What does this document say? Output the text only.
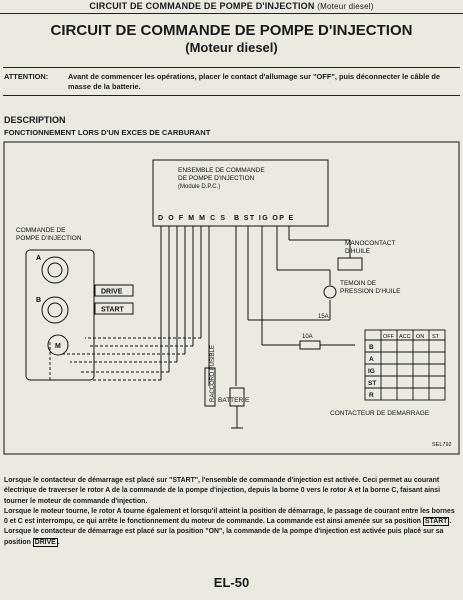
CIRCUIT DE COMMANDE DE POMPE D'INJECTION (Moteur diesel)
CIRCUIT DE COMMANDE DE POMPE D'INJECTION
(Moteur diesel)
ATTENTION:	Avant de commencer les opérations, placer le contact d'allumage sur "OFF", puis déconnecter le câble de masse de la batterie.
DESCRIPTION
FONCTIONNEMENT LORS D'UN EXCES DE CARBURANT
ENSEMBLE DE COMMANDE
DE POMPE D'INJECTION
(Module D.P.C.)
D O F M M C S B ST IG OP E
COMMANDE DE
POMPE D'INJECTION
A
B
M
DRIVE
START
RACCORD FUSIBLE BATTERIE
MANOCONTACT
D'HUILE
TEMOIN DE
PRESSION D'HUILE
15A
10A	OFF ACC ON ST
B
A
IG
ST
R
CONTACTEUR DE DEMARRAGE
SEL792

Lorsque le contacteur de démarrage est placé sur "START", l'ensemble de commande d'injection est activée. Ceci permet au courant électrique de traverser le rotor A de la commande de la pompe d'injection, depuis la borne 0 vers le rotor A et la borne C, faisant ainsi tourner le moteur de commande d'injection.

Lorsque le moteur tourne, le rotor A tourne également et lorsqu'il atteint la position de démarrage, le passage de courant entre les bornes 0 et C est interrompu, ce qui arrête le fonctionnement du moteur de commande. La commande est ainsi amenée sur sa position START .

Lorsque le contacteur de démarrage est placé sur la position "ON", la commande de la pompe d'injection est activée puis placé sur sa position DRIVE .

EL-50
